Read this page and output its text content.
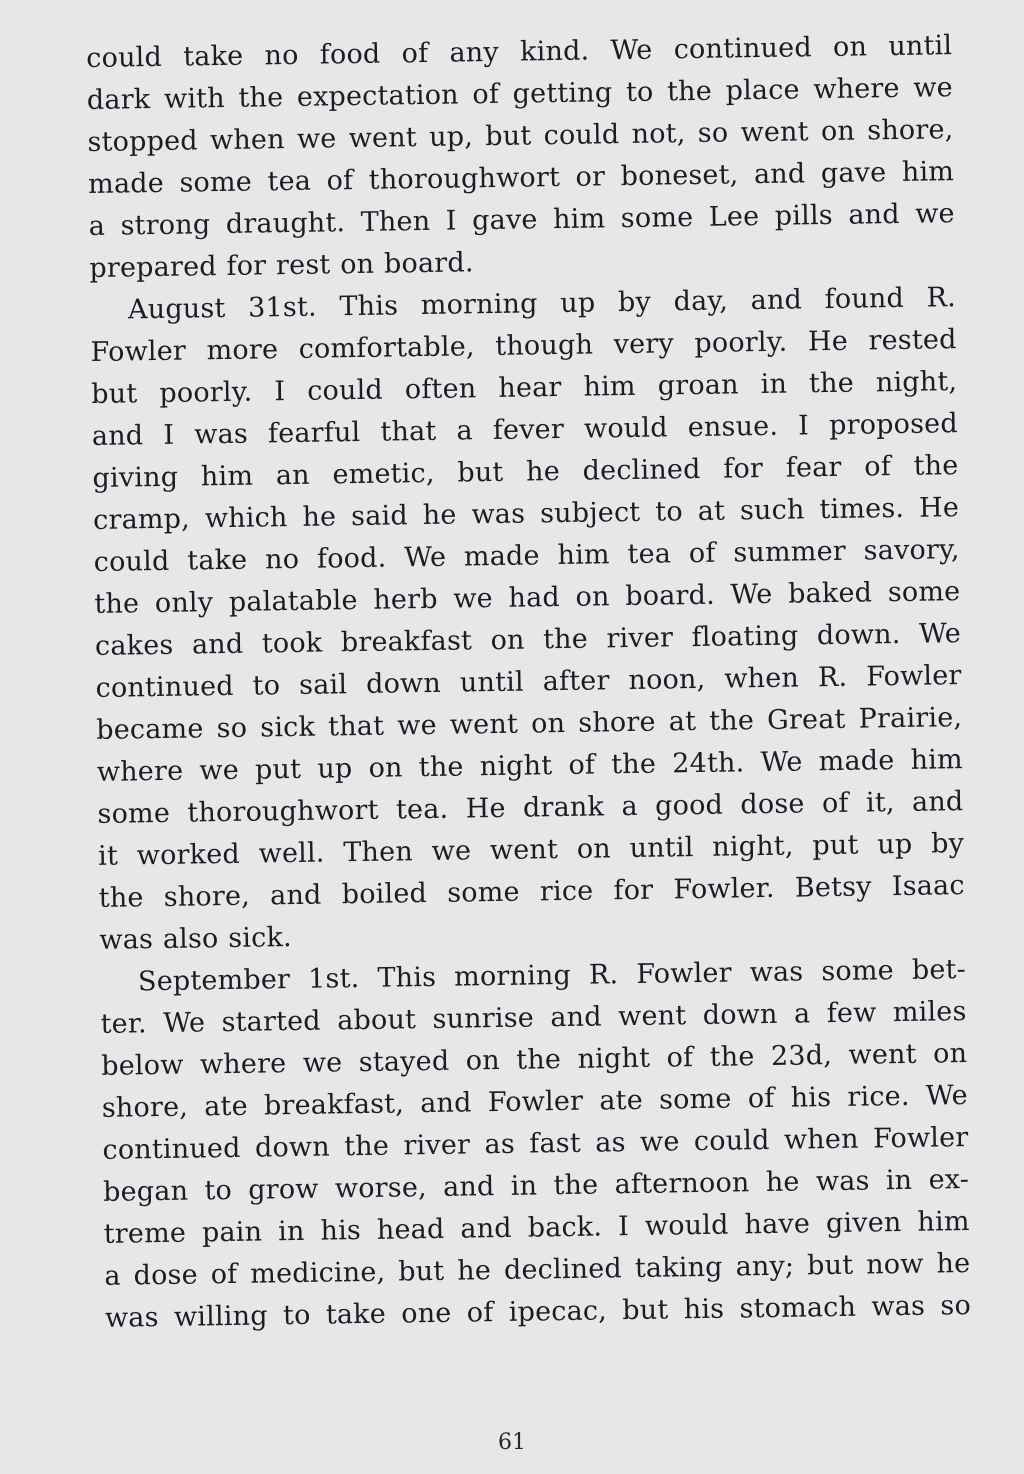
could take no food of any kind. We continued on until
dark with the expectation of getting to the place where we
stopped when we went up, but could not, so went on shore,
made some tea of thoroughwort or boneset, and gave him
a strong draught. Then I gave him some Lee pills and we
prepared for rest on board.
August 31st. This morning up by day, and found R.
Fowler more comfortable, though very poorly. He rested
but poorly. I could often hear him groan in the night,
and I was fearful that a fever would ensue. I proposed
giving him an emetic, but he declined for fear of the
cramp, which he said he was subject to at such times. He
could take no food. We made him tea of summer savory,
the only palatable herb we had on board. We baked some
cakes and took breakfast on the river floating down. We
continued to sail down until after noon, when R. Fowler
became so sick that we went on shore at the Great Prairie,
where we put up on the night of the 24th. We made him
some thoroughwort tea. He drank a good dose of it, and
it worked well. Then we went on until night, put up by
the shore, and boiled some rice for Fowler. Betsy Isaac
was also sick.
September 1st. This morning R. Fowler was some bet-
ter. We started about sunrise and went down a few miles
below where we stayed on the night of the 23d, went on
shore, ate breakfast, and Fowler ate some of his rice. We
continued down the river as fast as we could when Fowler
began to grow worse, and in the afternoon he was in ex-
treme pain in his head and back. I would have given him
a dose of medicine, but he declined taking any; but now he
was willing to take one of ipecac, but his stomach was so
61
